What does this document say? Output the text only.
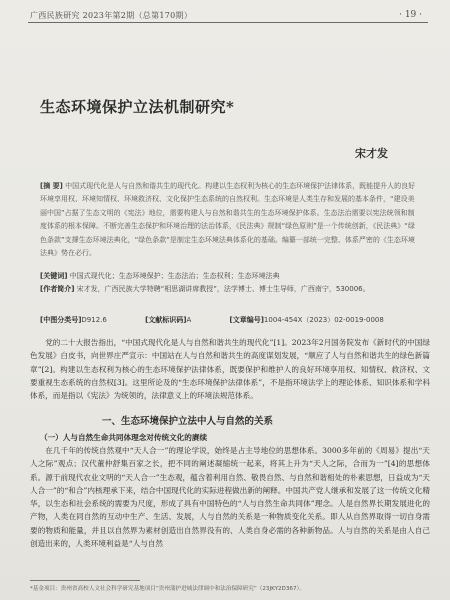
广西民族研究 2023年第2期（总第170期）	· 19 ·
生态环境保护立法机制研究*
宋才发
[摘 要] 中国式现代化是人与自然和谐共生的现代化。构建以生态权利为核心的生态环境保护法律体系，既能提升人的良好环境享用权、环境知情权、环境救济权、文化保护生态系统的自然权利。生态环境是人类生存和发展的基本条件，“建设美丽中国”占据了生态文明的《宪法》地位，需要构建人与自然和谐共生的生态环境保护体系。生态法治需要以宪法统领和制度体系的根本保障。不断完善生态保护和环境治理的法治体系，《民法典》规制“绿色原则”是一个传统创新，《民法典》“绿色条款”支撑生态环境法典化，“绿色条款”是制定生态环境法典体系化的基础。编纂一部统一完整、体系严密的《生态环境法典》势在必行。
[关键词] 中国式现代化；生态环境保护；生态法治；生态权利；生态环境法典
[作者简介] 宋才发，广西民族大学特聘“相思湖讲席教授”，法学博士、博士生导师，广西南宁，530006。
[中图分类号]D912.6	[文献标识码]A	[文章编号]1004-454X（2023）02-0019-0008

党的二十大报告指出，“中国式现代化是人与自然和谐共生的现代化”[1]。2023年2月国务院发布《新时代的中国绿色发展》白皮书，向世界庄严宣示：中国站在人与自然和谐共生的高度谋划发展，“顺应了人与自然和谐共生的绿色新篇章”[2]。构建以生态权利为核心的生态环境保护法律体系，既要保护和维护人的良好环境享用权、知情权、救济权、文要重视生态系统的自然权[3]。这里所论及的“生态环境保护法律体系”，不是指环境法学上的理论体系、知识体系和学科体系，而是指以《宪法》为统领的，法律意义上的环境法规范体系。

一、生态环境保护立法中人与自然的关系
（一）人与自然生命共同体理念对传统文化的赓续

在几千年的传统自然观中“天人合一”的理论学说，始终是占主导地位的思想体系。3000多年前的《周易》提出“天人之际”观点；汉代董仲舒集百家之长，把不同的阐述凝缩统一起来，将其上升为“天人之际，合而为一”[4]的思想体系。源于前现代农业文明的“天人合一”生态观，蕴含着利用自然、敬畏自然、与自然和谐相处的朴素思想，日益成为“天人合一”的“和合”内核理承下来，结合中国现代化的实际进程做出新的阐释。中国共产党人继承和发展了这一传统文化精华，以生态和社会系统的需要为尺度，形成了具有中国特色的“人与自然生命共同体”理念。人是自然界长期发展进化的产物，人类在同自然的互动中生产、生活、发展，人与自然的关系是一种物质变化关系。即人从自然界取得一切自身需要的物质和能量，并且以自然界为素材创造出自然界没有的、人类自身必需的各种新物品。人与自然的关系是由人自己创造出来的，人类环境利益是“人与自然

*基金项目：贵州省高校人文社会科学研究基地项目“贵州蒲护进城法律调中和法治保障研究”（23JKY2D367）。
